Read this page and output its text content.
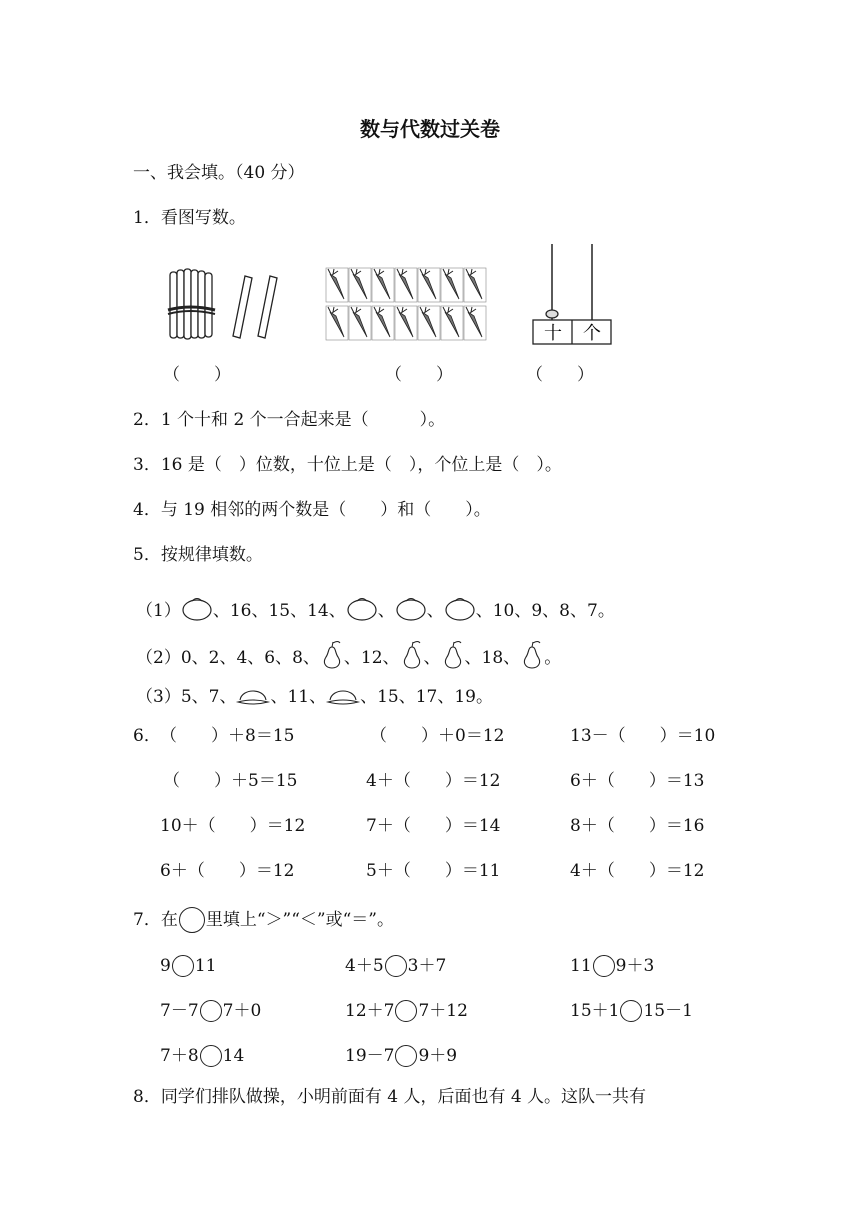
数与代数过关卷
一、我会填。（40 分）
1．看图写数。
十 个
（　　）	（　　）	（　　）
2．1 个十和 2 个一合起来是（　　　）。
3．16 是（　）位数，十位上是（　），个位上是（　）。
4．与 19 相邻的两个数是（　　）和（　　）。
5．按规律填数。
（1） 、16、15、14、 、 、 、10、9、8、7。
（2）0、2、4、6、8、 、12、 、 、18、 。
（3）5、7、 、11、 、15、17、19。
6． （　　）＋8＝15	（　　）＋0＝12	13－（　　）＝10
（　　）＋5＝15	4＋（　　）＝12	6＋（　　）＝13
10＋（　　）＝12	7＋（　　）＝14	8＋（　　）＝16
6＋（　　）＝12	5＋（　　）＝11	4＋（　　）＝12
7．在 里填上“＞”“＜”或“＝”。
9 11	4＋5 3＋7	11 9＋3
7－7 7＋0	12＋7 7＋12	15＋1 15－1
7＋8 14	19－7 9＋9
8．同学们排队做操，小明前面有 4 人，后面也有 4 人。这队一共有
